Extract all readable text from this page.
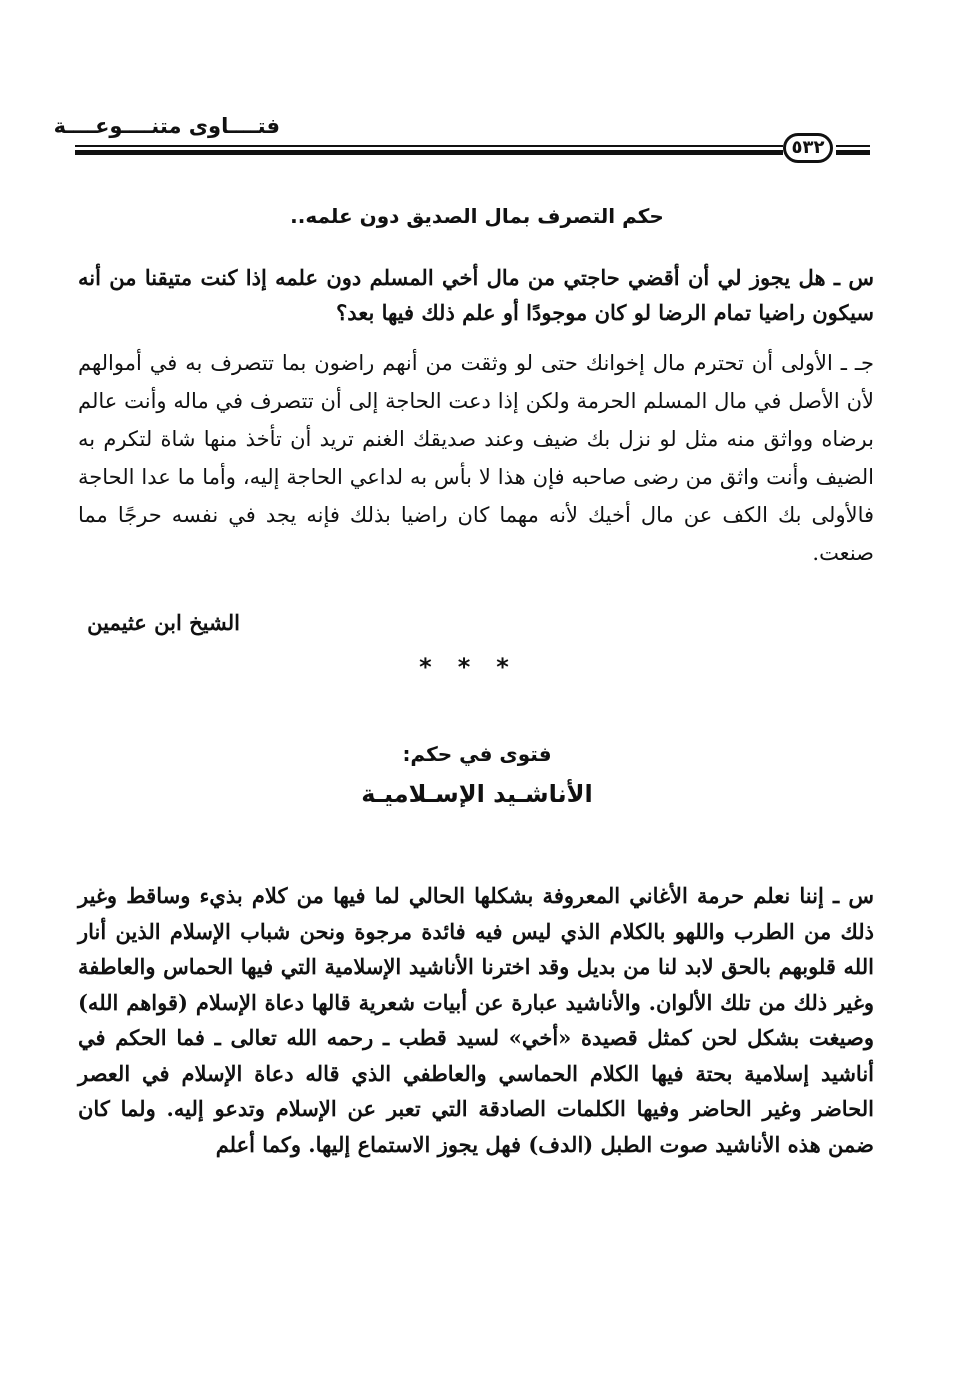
فتــــاوى متنــــوعــــة
٥٣٢
حكم التصرف بمال الصديق دون علمه..
س ـ هل يجوز لي أن أقضي حاجتي من مال أخي المسلم دون علمه إذا كنت متيقنا من أنه سيكون راضيا تمام الرضا لو كان موجودًا أو علم ذلك فيها بعد؟
جـ ـ الأولى أن تحترم مال إخوانك حتى لو وثقت من أنهم راضون بما تتصرف به في أموالهم لأن الأصل في مال المسلم الحرمة ولكن إذا دعت الحاجة إلى أن تتصرف في ماله وأنت عالم برضاه وواثق منه مثل لو نزل بك ضيف وعند صديقك الغنم تريد أن تأخذ منها شاة لتكرم به الضيف وأنت واثق من رضى صاحبه فإن هذا لا بأس به لداعي الحاجة إليه، وأما ما عدا الحاجة فالأولى بك الكف عن مال أخيك لأنه مهما كان راضيا بذلك فإنه يجد في نفسه حرجًا مما صنعت.
الشيخ ابن عثيمين
***
فتوى في حكم:
الأناشـيد الإسـلاميـة
س ـ إننا نعلم حرمة الأغاني المعروفة بشكلها الحالي لما فيها من كلام بذيء وساقط وغير ذلك من الطرب واللهو بالكلام الذي ليس فيه فائدة مرجوة ونحن شباب الإسلام الذين أنار الله قلوبهم بالحق لابد لنا من بديل وقد اخترنا الأناشيد الإسلامية التي فيها الحماس والعاطفة وغير ذلك من تلك الألوان. والأناشيد عبارة عن أبيات شعرية قالها دعاة الإسلام (قواهم الله) وصيغت بشكل لحن كمثل قصيدة «أخي» لسيد قطب ـ رحمه الله تعالى ـ فما الحكم في أناشيد إسلامية بحتة فيها الكلام الحماسي والعاطفي الذي قاله دعاة الإسلام في العصر الحاضر وغير الحاضر وفيها الكلمات الصادقة التي تعبر عن الإسلام وتدعو إليه. ولما كان ضمن هذه الأناشيد صوت الطبل (الدف) فهل يجوز الاستماع إليها. وكما أعلم
